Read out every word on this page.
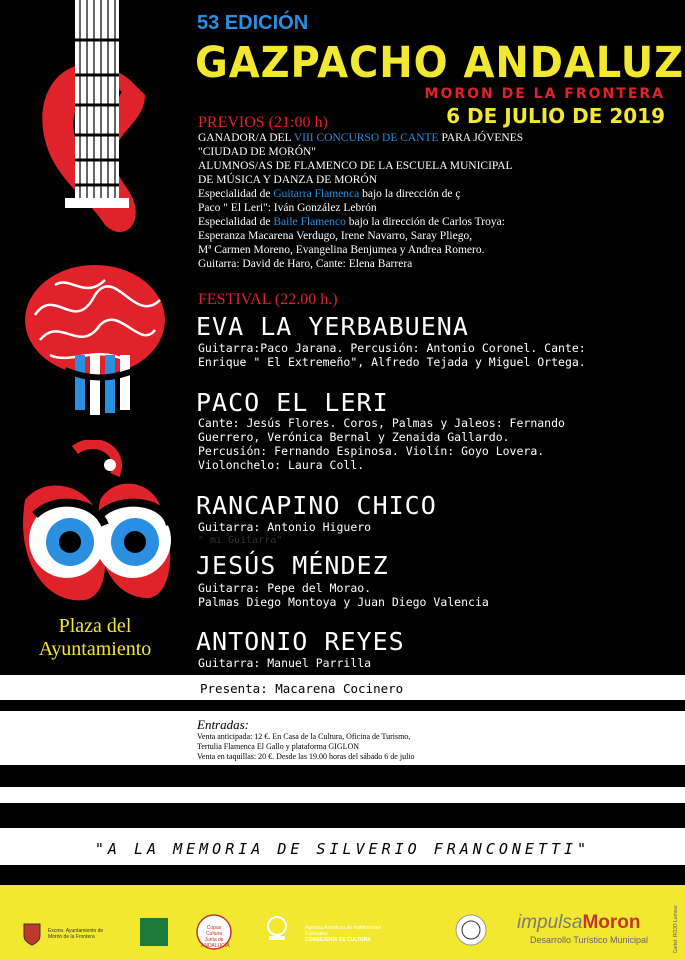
53 EDICIÓN
GAZPACHO ANDALUZ
MORON DE LA FRONTERA
6 DE JULIO DE 2019
PREVIOS (21:00 h)
GANADOR/A DEL VIII CONCURSO DE CANTE PARA JÓVENES
"CIUDAD DE MORÓN"
ALUMNOS/AS DE FLAMENCO DE LA ESCUELA MUNICIPAL
DE MÚSICA Y DANZA DE MORÓN
Especialidad de Guitarra Flamenca bajo la dirección de ç
Paco " El Leri": Iván González Lebrón
Especialidad de Baile Flamenco bajo la dirección de Carlos Troya:
Esperanza Macarena Verdugo, Irene Navarro, Saray Pliego,
Mª Carmen Moreno, Evangelina Benjumea y Andrea Romero.
Guitarra: David de Haro, Cante: Elena Barrera
FESTIVAL (22.00 h.)
EVA LA YERBABUENA
Guitarra:Paco Jarana. Percusión: Antonio Coronel. Cante:
Enrique " El Extremeño", Alfredo Tejada y Miguel Ortega.
PACO EL LERI
Cante: Jesús Flores. Coros, Palmas y Jaleos: Fernando
Guerrero, Verónica Bernal y Zenaida Gallardo.
Percusión: Fernando Espinosa. Violín: Goyo Lovera.
Violonchelo: Laura Coll.
RANCAPINO CHICO
Guitarra: Antonio Higuero
" mi Guitarra"
JESÚS MÉNDEZ
Guitarra: Pepe del Morao.
Palmas Diego Montoya y Juan Diego Valencia
ANTONIO REYES
Guitarra: Manuel Parrilla
Plaza del
Ayuntamiento
Presenta: Macarena Cocinero
Entradas:
Venta anticipada: 12 €. En Casa de la Cultura, Oficina de Turismo,
Tertulia Flamenca El Gallo y plataforma GIGLON
Venta en taquillas: 20 €. Desde las 19.00 horas del sábado 6 de julio
"A LA MEMORIA DE SILVERIO FRANCONETTI"
Excmo. Ayuntamiento de Morón de la Frontera
Copas Cultura Junta de ANDALUCÍA
Agencia Andaluza de Instituciones Culturales
CONSEJERÍA DE CULTURA
impulsaMoron
Desarrollo Turístico Municipal	Cartel: ROJO Lamour
